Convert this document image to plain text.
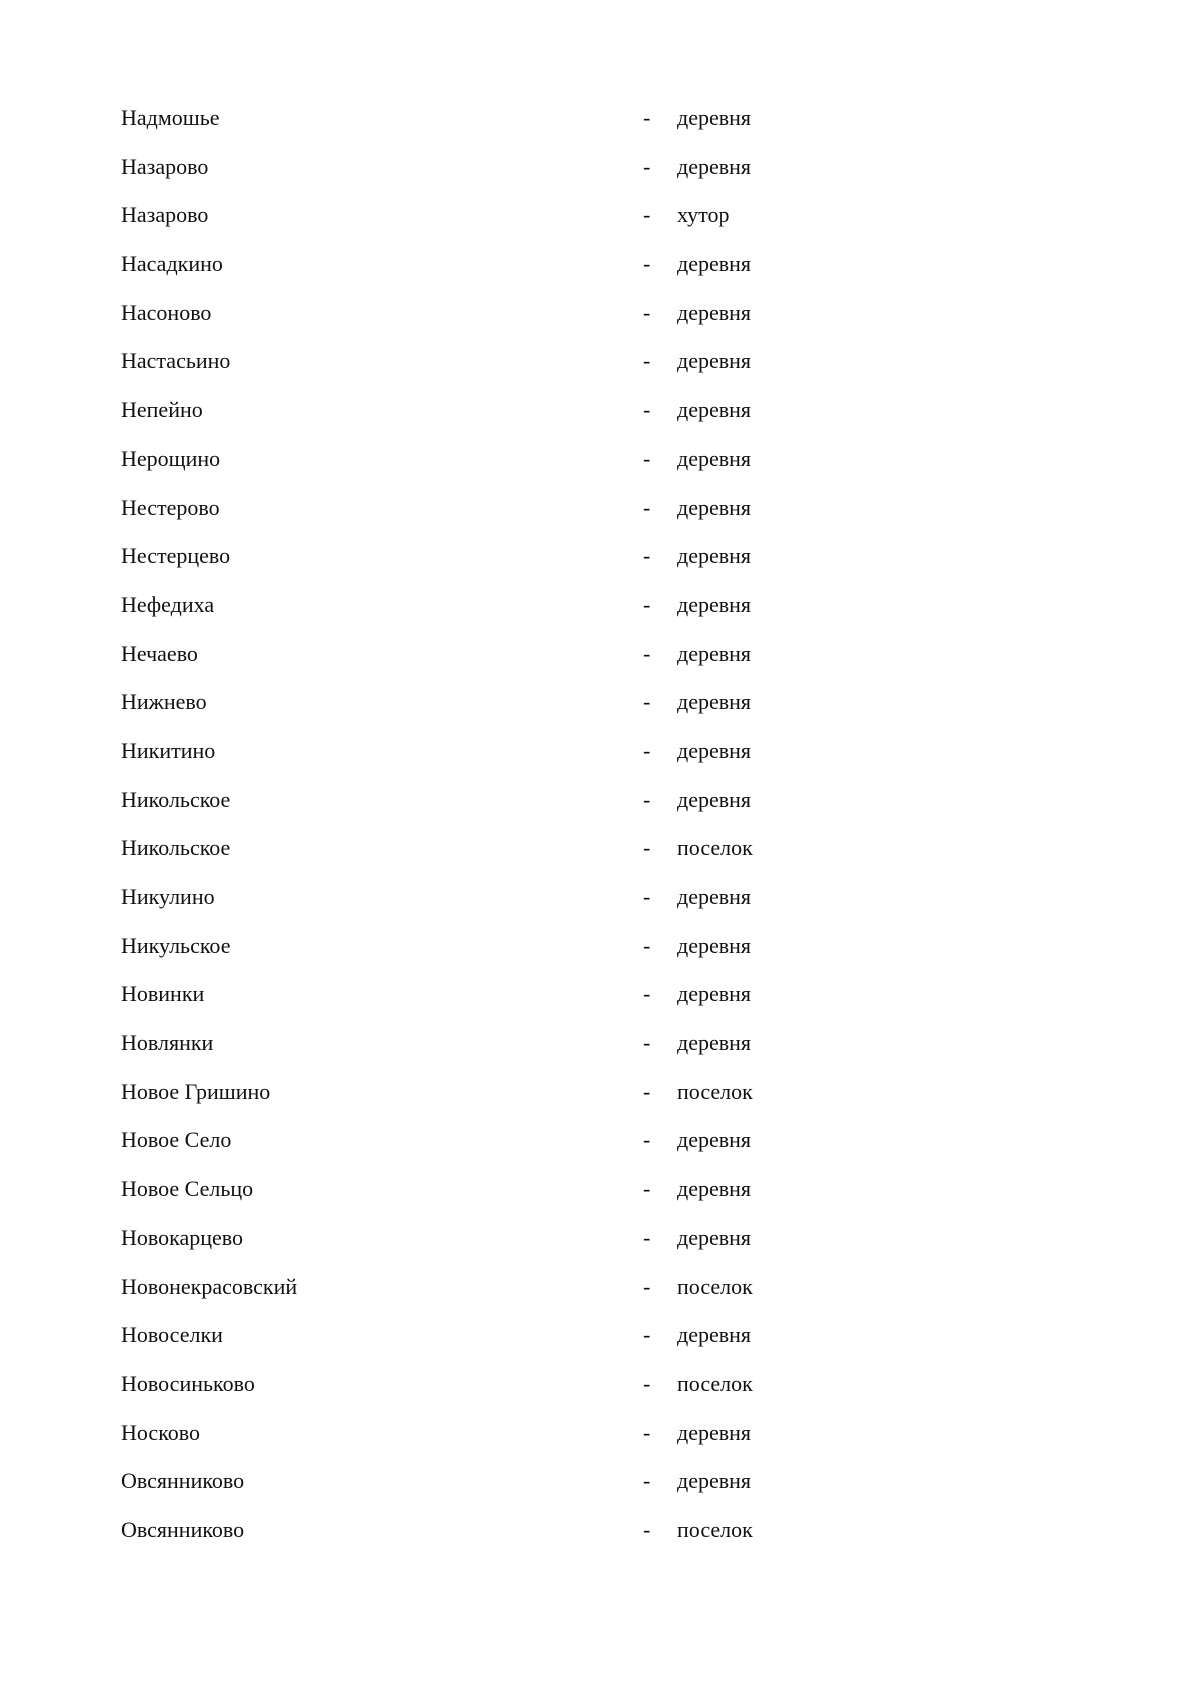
Надмошье	- деревня
Назарово	- деревня
Назарово	- хутор
Насадкино	- деревня
Насоново	- деревня
Настасьино	- деревня
Непейно	- деревня
Нерощино	- деревня
Нестерово	- деревня
Нестерцево	- деревня
Нефедиха	- деревня
Нечаево	- деревня
Нижнево	- деревня
Никитино	- деревня
Никольское	- деревня
Никольское	- поселок
Никулино	- деревня
Никульское	- деревня
Новинки	- деревня
Новлянки	- деревня
Новое Гришино	- поселок
Новое Село	- деревня
Новое Сельцо	- деревня
Новокарцево	- деревня
Новонекрасовский	- поселок
Новоселки	- деревня
Новосиньково	- поселок
Носково	- деревня
Овсянниково	- деревня
Овсянниково	- поселок
